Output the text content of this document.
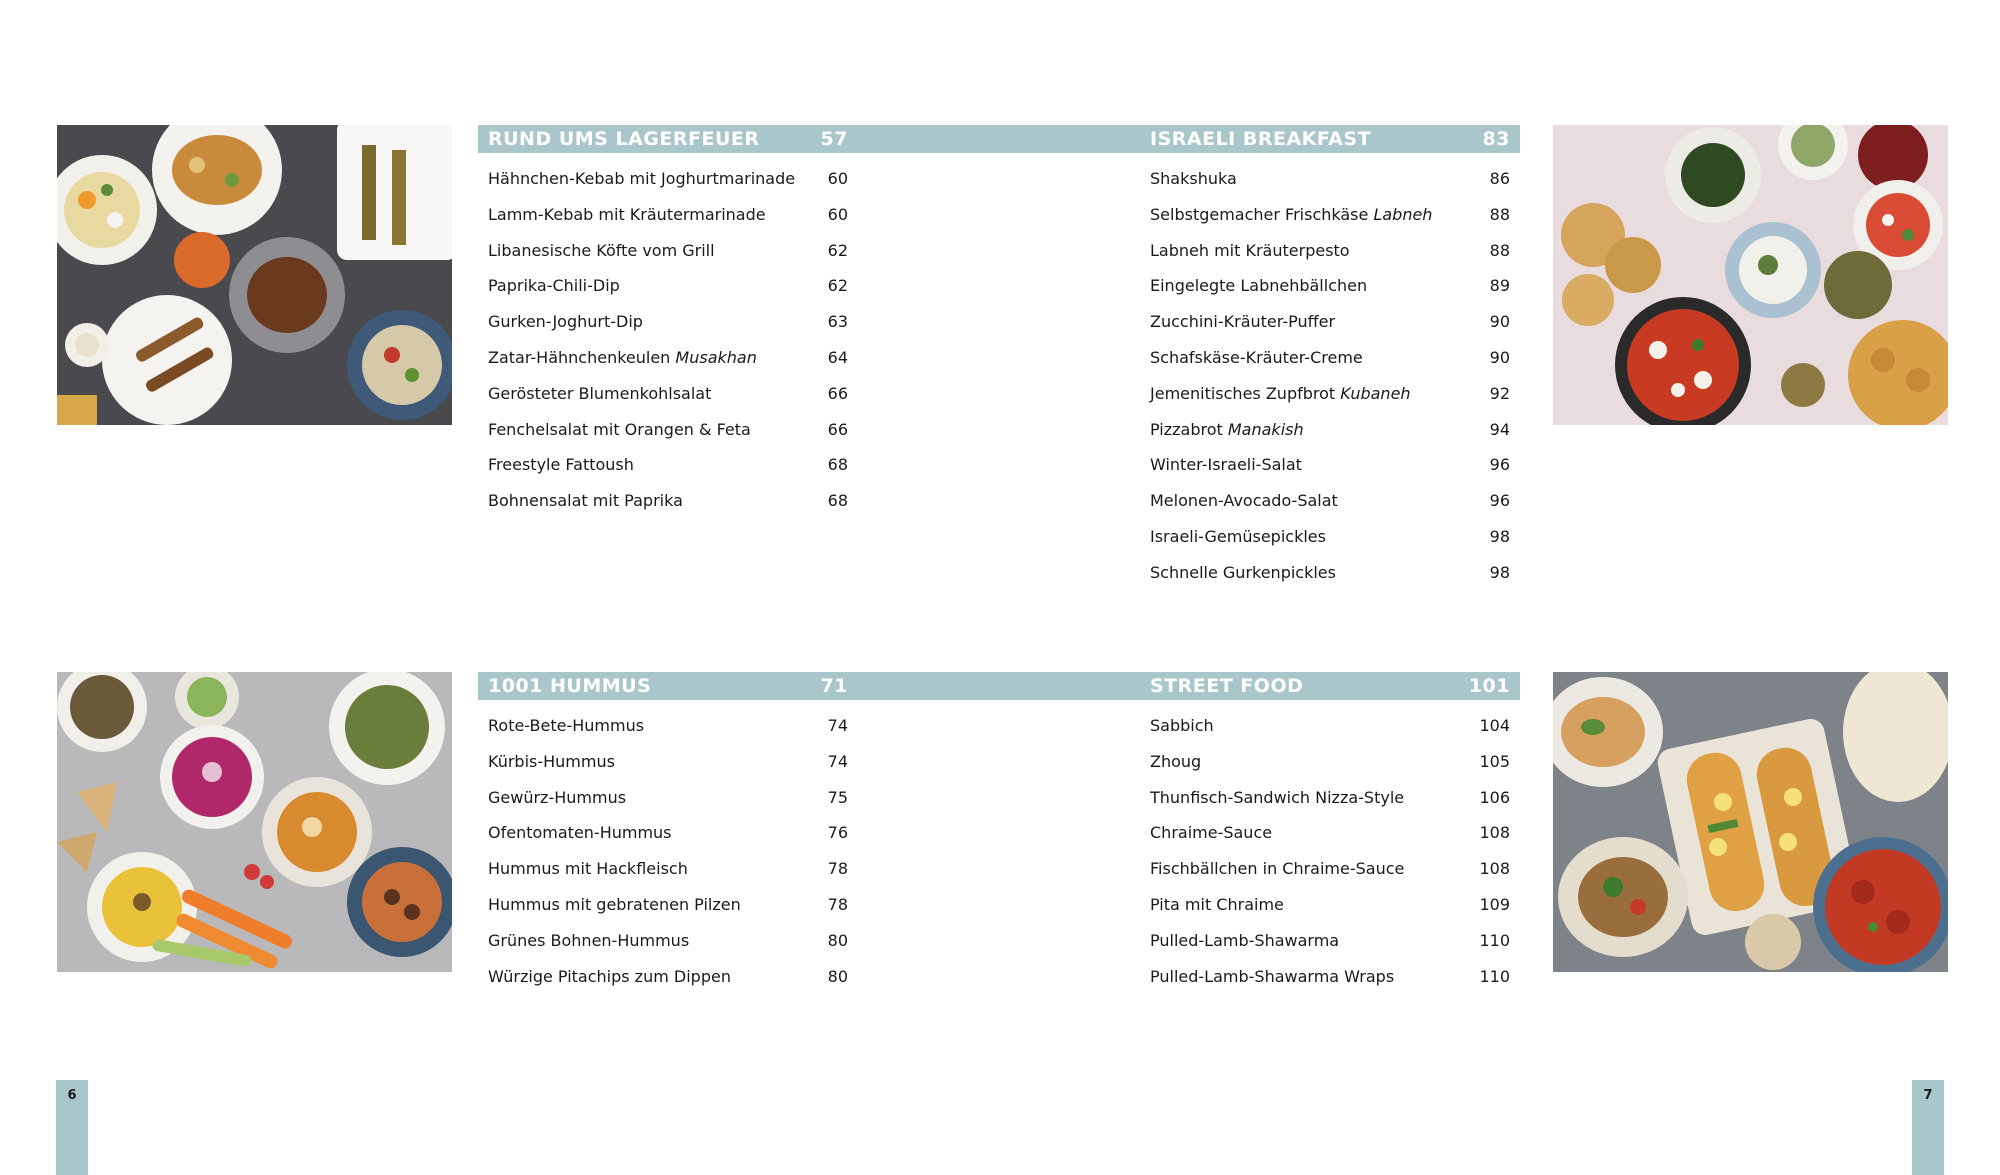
RUND UMS LAGERFEUER	57
Hähnchen-Kebab mit Joghurtmarinade 60
Lamm-Kebab mit Kräutermarinade	60
Libanesische Köfte vom Grill	62
Paprika-Chili-Dip	62
Gurken-Joghurt-Dip	63
Zatar-Hähnchenkeulen Musakhan	64
Gerösteter Blumenkohlsalat	66
Fenchelsalat mit Orangen & Feta	66
Freestyle Fattoush	68
Bohnensalat mit Paprika	68
ISRAELI BREAKFAST	83
Shakshuka	86
Selbstgemacher Frischkäse Labneh	88
Labneh mit Kräuterpesto	88
Eingelegte Labnehbällchen	89
Zucchini-Kräuter-Puffer	90
Schafskäse-Kräuter-Creme	90
Jemenitisches Zupfbrot Kubaneh	92
Pizzabrot Manakish	94
Winter-Israeli-Salat	96
Melonen-Avocado-Salat	96
Israeli-Gemüsepickles	98
Schnelle Gurkenpickles	98
1001 HUMMUS	71
Rote-Bete-Hummus	74
Kürbis-Hummus	74
Gewürz-Hummus	75
Ofentomaten-Hummus	76
Hummus mit Hackfleisch	78
Hummus mit gebratenen Pilzen	78
Grünes Bohnen-Hummus	80
Würzige Pitachips zum Dippen	80
STREET FOOD	101
Sabbich	104
Zhoug	105
Thunfisch-Sandwich Nizza-Style	106
Chraime-Sauce	108
Fischbällchen in Chraime-Sauce	108
Pita mit Chraime	109
Pulled-Lamb-Shawarma	110
Pulled-Lamb-Shawarma Wraps	110
6	7
